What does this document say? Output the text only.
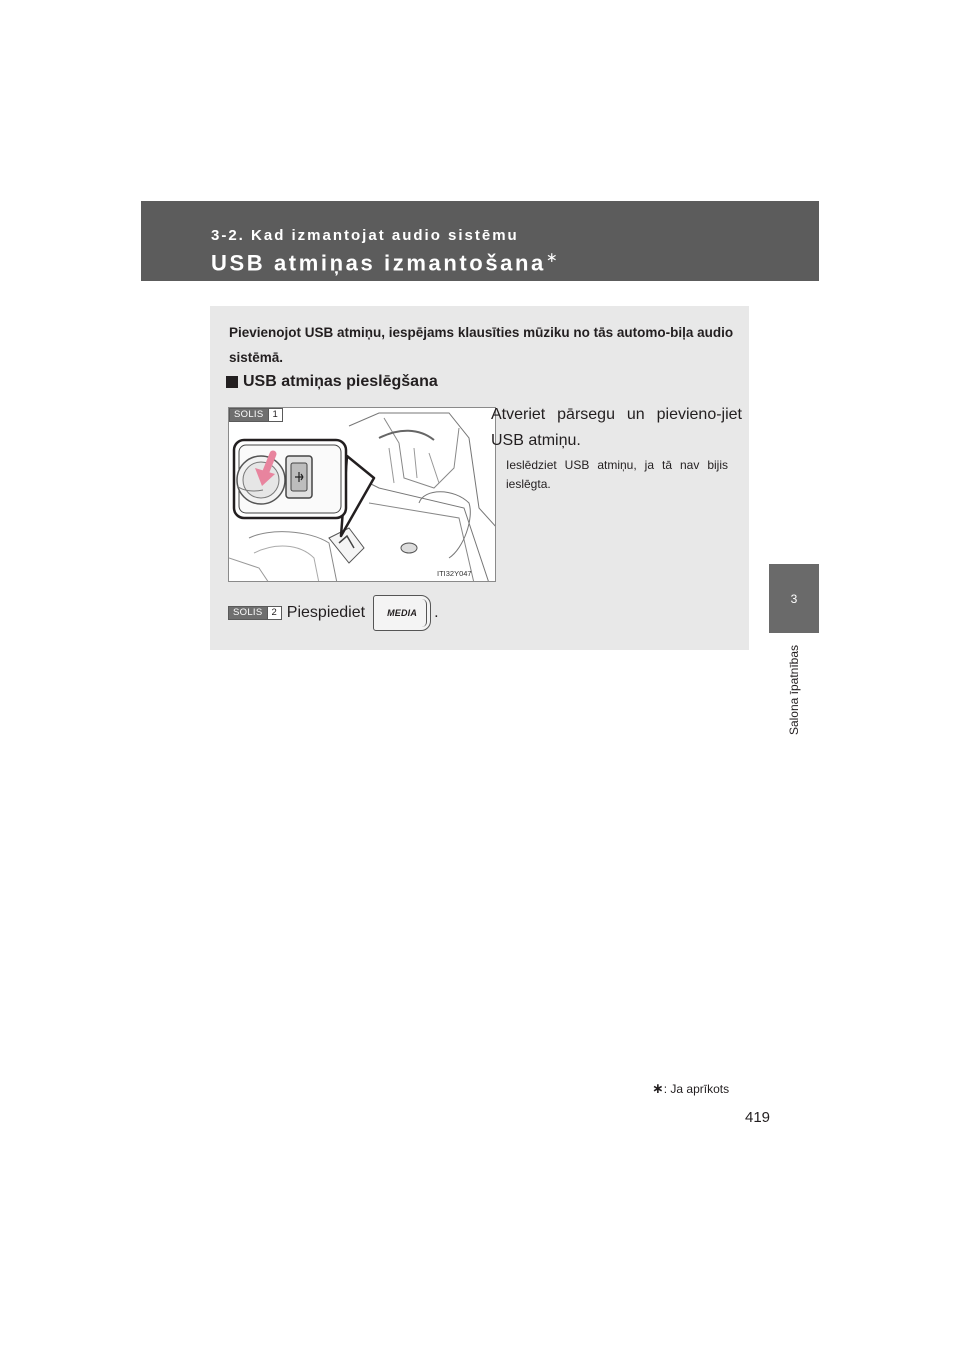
3-2. Kad izmantojat audio sistēmu
USB atmiņas izmantošana∗
3
Salona īpatnības
Pievienojot USB atmiņu, iespējams klausīties mūziku no tās automo-biļa audio sistēmā.
USB atmiņas pieslēgšana
SOLIS 1
ITI32Y047
Atveriet pārsegu un pievieno-jiet USB atmiņu.
Ieslēdziet USB atmiņu, ja tā nav bijis ieslēgta.
SOLIS 2 Piespiediet	MEDIA	.
∗: Ja aprīkots
419
